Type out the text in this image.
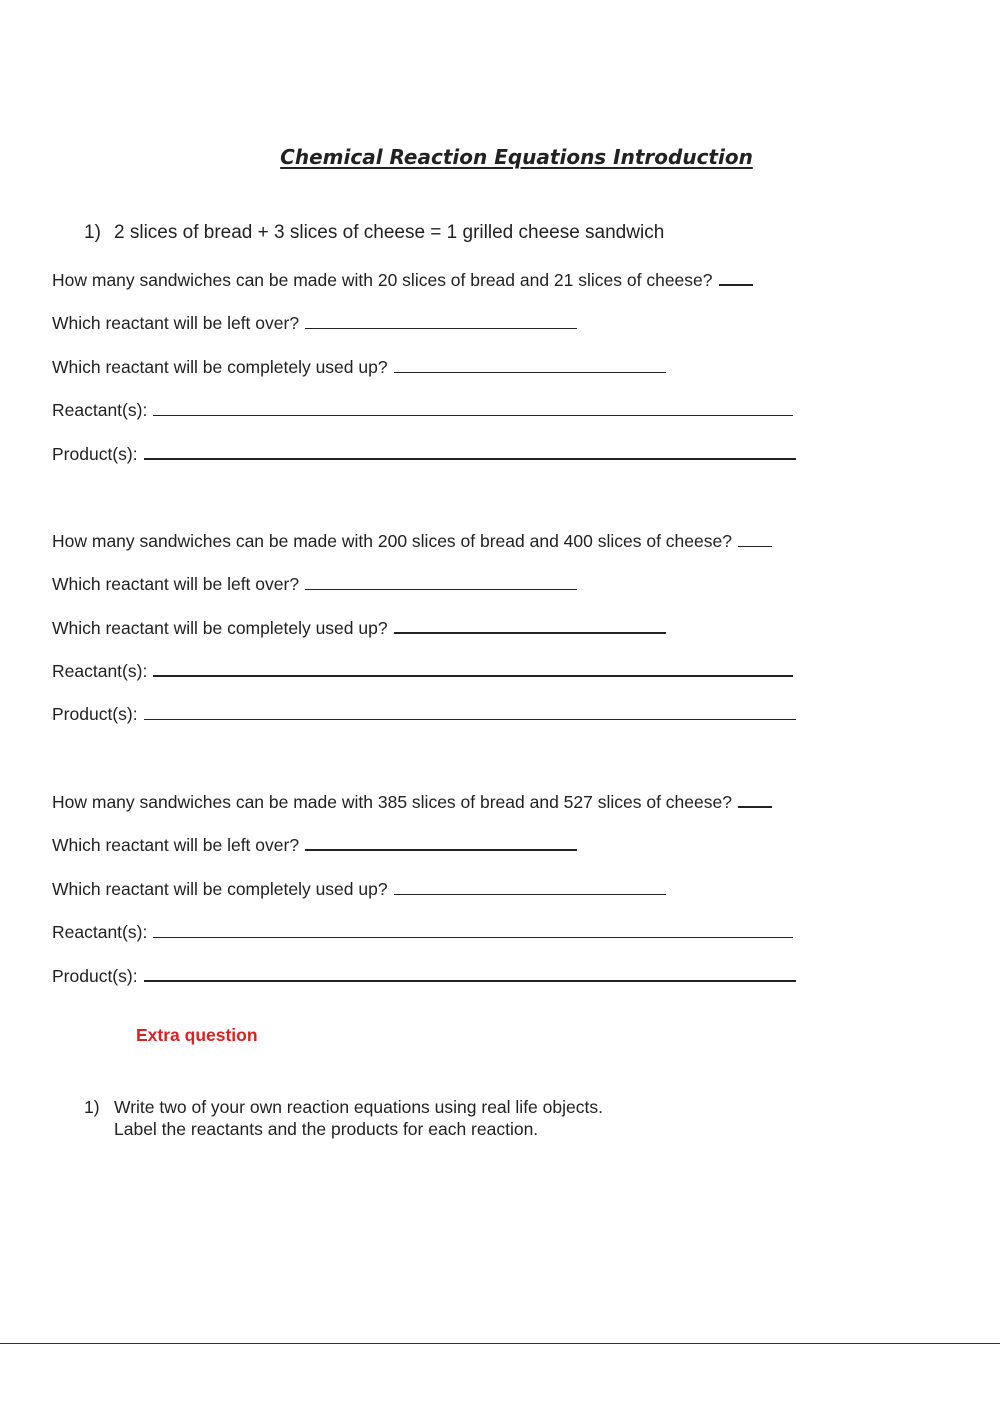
Chemical Reaction Equations Introduction
1) 2 slices of bread + 3 slices of cheese = 1 grilled cheese sandwich
How many sandwiches can be made with 20 slices of bread and 21 slices of cheese?
Which reactant will be left over?
Which reactant will be completely used up?
Reactant(s):
Product(s):
How many sandwiches can be made with 200 slices of bread and 400 slices of cheese?
Which reactant will be left over?
Which reactant will be completely used up?
Reactant(s):
Product(s):
How many sandwiches can be made with 385 slices of bread and 527 slices of cheese?
Which reactant will be left over?
Which reactant will be completely used up?
Reactant(s):
Product(s):
Extra question
1) Write two of your own reaction equations using real life objects.
Label the reactants and the products for each reaction.
